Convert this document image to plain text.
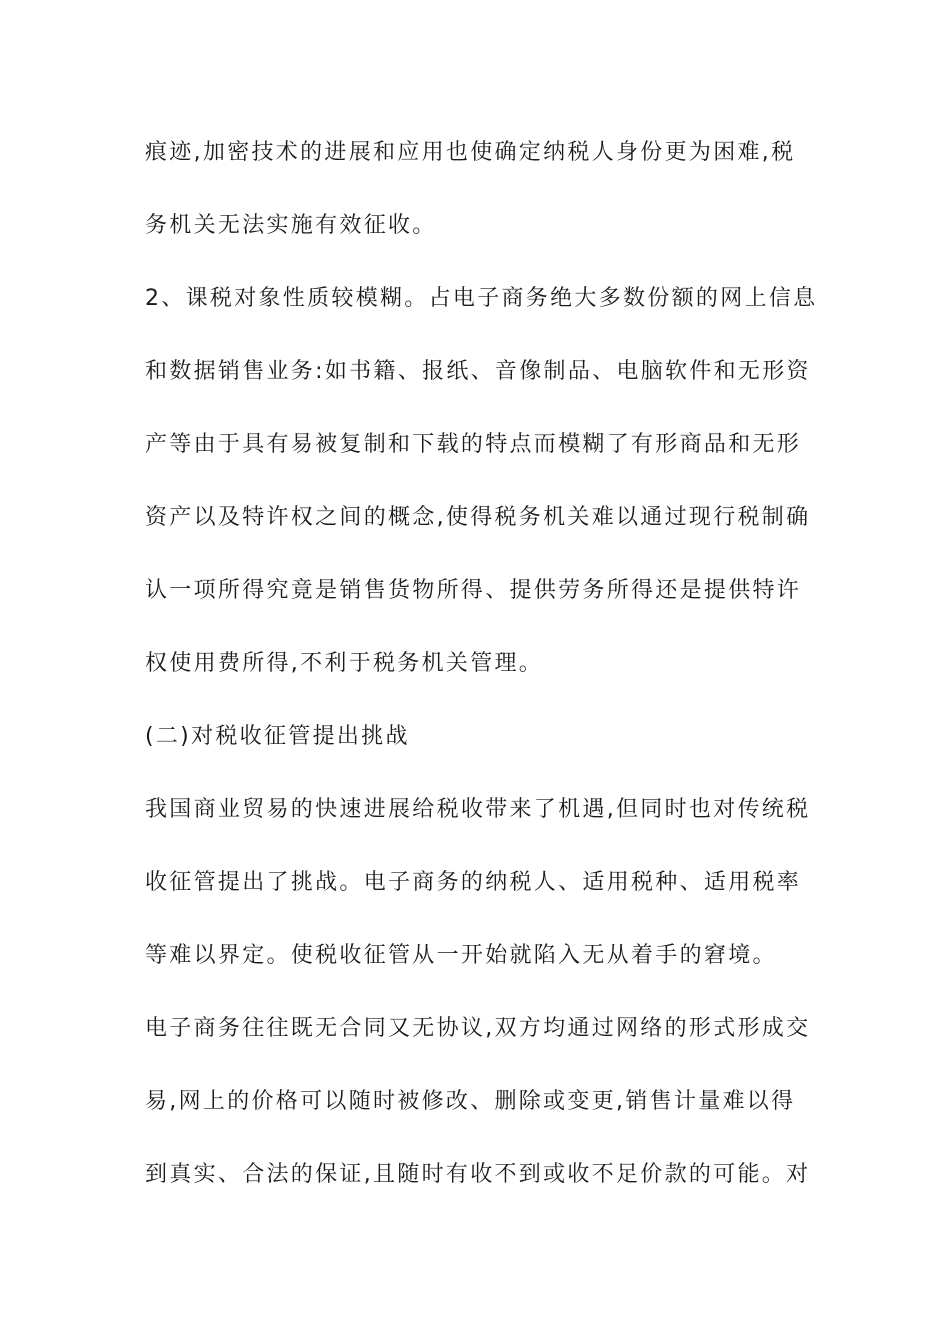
痕迹,加密技术的进展和应用也使确定纳税人身份更为困难,税
务机关无法实施有效征收。
2、课税对象性质较模糊。占电子商务绝大多数份额的网上信息
和数据销售业务:如书籍、报纸、音像制品、电脑软件和无形资
产等由于具有易被复制和下载的特点而模糊了有形商品和无形
资产以及特许权之间的概念,使得税务机关难以通过现行税制确
认一项所得究竟是销售货物所得、提供劳务所得还是提供特许
权使用费所得,不利于税务机关管理。
(二)对税收征管提出挑战
我国商业贸易的快速进展给税收带来了机遇,但同时也对传统税
收征管提出了挑战。电子商务的纳税人、适用税种、适用税率
等难以界定。使税收征管从一开始就陷入无从着手的窘境。
电子商务往往既无合同又无协议,双方均通过网络的形式形成交
易,网上的价格可以随时被修改、删除或变更,销售计量难以得
到真实、合法的保证,且随时有收不到或收不足价款的可能。对
